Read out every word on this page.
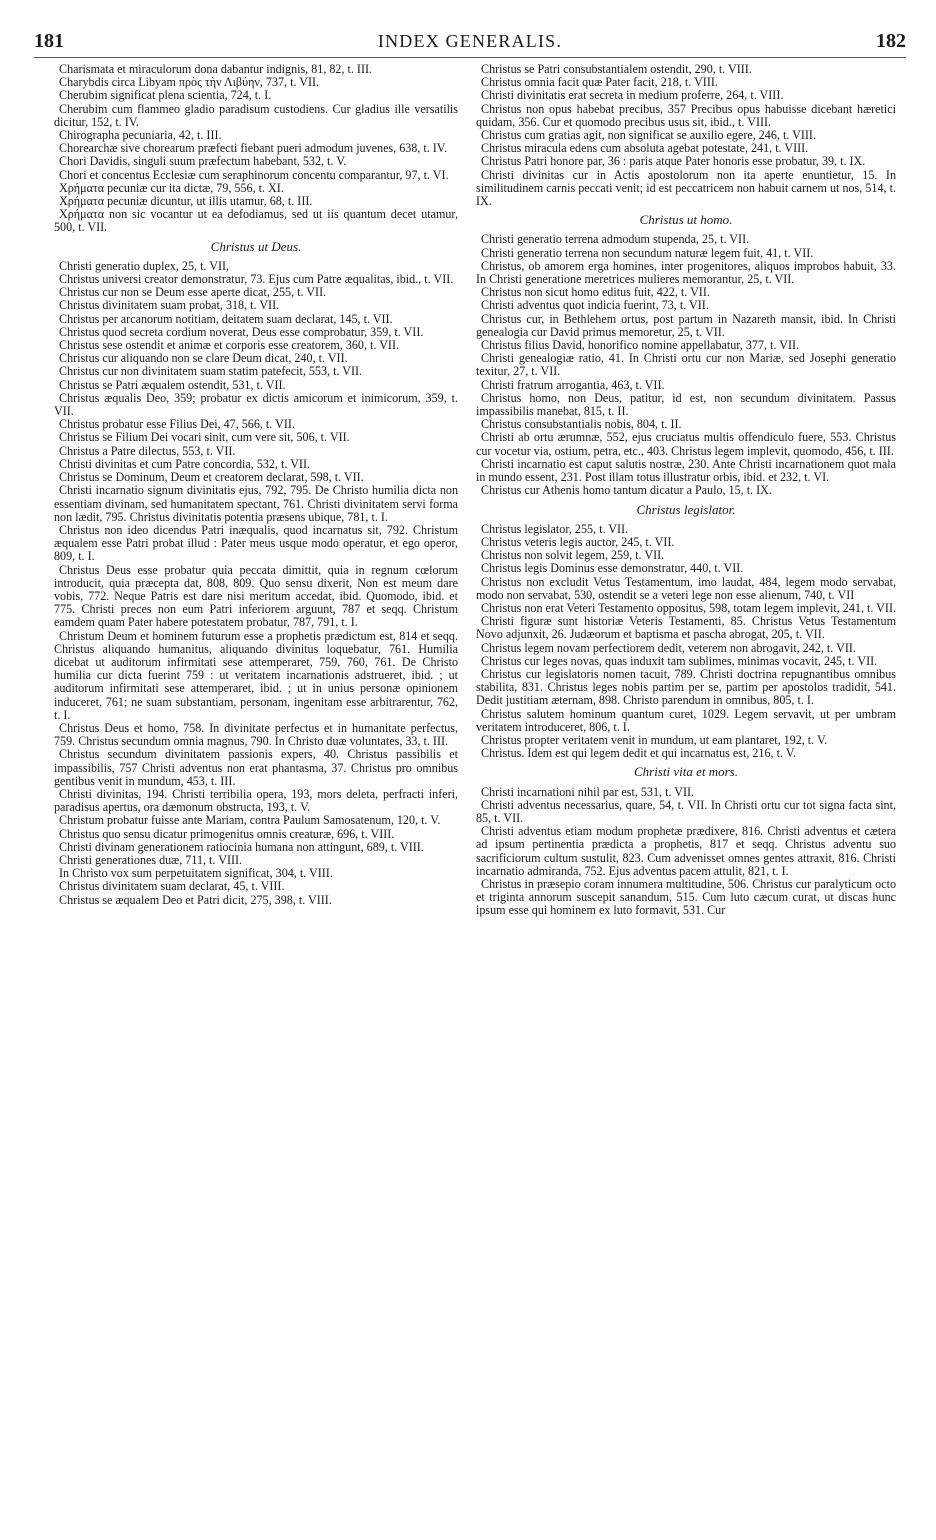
181	INDEX GENERALIS.	182
Charismata et miraculorum dona dabantur indignis, 81, 82, t. III.
Charybdis circa Libyam πρὸς τὴν Λιβύην, 737, t. VII.
Cherubim significat plena scientia, 724, t. I.
Cherubim cum flammeo gladio paradisum custodiens. Cur gladius ille versatilis dicitur, 152, t. IV.
Chirographa pecuniaria, 42, t. III.
Chorearchæ sive chorearum præfecti fiebant pueri admodum juvenes, 638, t. IV.
Chori Davidis, singuli suum præfectum habebant, 532, t. V.
Chori et concentus Ecclesiæ cum seraphinorum concentu comparantur, 97, t. VI.
Χρήματα pecuniæ cur ita dictæ, 79, 556, t. XI.
Χρήματα pecuniæ dicuntur, ut illis utamur, 68, t. III.
Χρήματα non sic vocantur ut ea defodiamus, sed ut iis quantum decet utamur, 500, t. VII.
Christus ut Deus.
Christi generatio duplex, 25, t. VII,
Christus universi creator demonstratur, 73. Ejus cum Patre æqualitas, ibid., t. VII.
Christus cur non se Deum esse aperte dicat, 255, t. VII.
Christus divinitatem suam probat, 318, t. VII.
Christus per arcanorum notitiam, deitatem suam declarat, 145, t. VII.
Christus quod secreta cordium noverat, Deus esse comprobatur, 359, t. VII.
Christus sese ostendit et animæ et corporis esse creatorem, 360, t. VII.
Christus cur aliquando non se clare Deum dicat, 240, t. VII.
Christus cur non divinitatem suam statim patefecit, 553, t. VII.
Christus se Patri æqualem ostendit, 531, t. VII.
Christus æqualis Deo, 359; probatur ex dictis amicorum et inimicorum, 359, t. VII.
Christus probatur esse Filius Dei, 47, 566, t. VII.
Christus se Filium Dei vocari sinit, cum vere sit, 506, t. VII.
Christus a Patre dilectus, 553, t. VII.
Christi divinitas et cum Patre concordia, 532, t. VII.
Christus se Dominum, Deum et creatorem declarat, 598, t. VII.
Christi incarnatio signum divinitatis ejus, 792, 795. De Christo humilia dicta non essentiam divinam, sed humanitatem spectant, 761. Christi divinitatem servi forma non lædit, 795. Christus divinitatis potentia præsens ubique, 781, t. I.
Christus non ideo dicendus Patri inæqualis, quod incarnatus sit, 792. Christum æqualem esse Patri probat illud : Pater meus usque modo operatur, et ego operor, 809, t. I.
Christus Deus esse probatur quia peccata dimittit, quia in regnum cœlorum introducit, quia præcepta dat, 808, 809. Quo sensu dixerit, Non est meum dare vobis, 772. Neque Patris est dare nisi meritum accedat, ibid. Quomodo, ibid. et 775. Christi preces non eum Patri inferiorem arguunt, 787 et seqq. Christum eamdem quam Pater habere potestatem probatur, 787, 791, t. I.
Christum Deum et hominem futurum esse a prophetis prædictum est, 814 et seqq. Christus aliquando humanitus, aliquando divinitus loquebatur, 761. Humilia dicebat ut auditorum infirmitati sese attemperaret, 759, 760, 761. De Christo humilia cur dicta fuerint 759 : ut veritatem incarnationis adstrueret, ibid. ; ut auditorum infirmitati sese attemperaret, ibid. ; ut in unius personæ opinionem induceret, 761; ne suam substantiam, personam, ingenitam esse arbitrarentur, 762, t. I.
Christus Deus et homo, 758. In divinitate perfectus et in humanitate perfectus, 759. Christus secundum omnia magnus, 790. In Christo duæ voluntates, 33, t. III.
Christus secundum divinitatem passionis expers, 40. Christus passibilis et impassibilis, 757 Christi adventus non erat phantasma, 37. Christus pro omnibus gentibus venit in mundum, 453, t. III.
Christi divinitas, 194. Christi terribilia opera, 193, mors deleta, perfracti inferi, paradisus apertus, ora dæmonum obstructa, 193, t. V.
Christum probatur fuisse ante Mariam, contra Paulum Samosatenum, 120, t. V.
Christus quo sensu dicatur primogenitus omnis creaturæ, 696, t. VIII.
Christi divinam generationem ratiocinia humana non attingunt, 689, t. VIII.
Christi generationes duæ, 711, t. VIII.
In Christo vox sum perpetuitatem significat, 304, t. VIII.
Christus divinitatem suam declarat, 45, t. VIII.
Christus se æqualem Deo et Patri dicit, 275, 398, t. VIII.
Christus se Patri consubstantialem ostendit, 290, t. VIII.
Christus omnia facit quæ Pater facit, 218, t. VIII.
Christi divinitatis erat secreta in medium proferre, 264, t. VIII.
Christus non opus habebat precibus, 357 Precibus opus habuisse dicebant hæretici quidam, 356. Cur et quomodo precibus usus sit, ibid., t. VIII.
Christus cum gratias agit, non significat se auxilio egere, 246, t. VIII.
Christus miracula edens cum absoluta agebat potestate, 241, t. VIII.
Christus Patri honore par, 36 : paris atque Pater honoris esse probatur, 39, t. IX.
Christi divinitas cur in Actis apostolorum non ita aperte enuntietur, 15. In similitudinem carnis peccati venit; id est peccatricem non habuit carnem ut nos, 514, t. IX.
Christus ut homo.
Christi generatio terrena admodum stupenda, 25, t. VII.
Christi generatio terrena non secundum naturæ legem fuit, 41, t. VII.
Christus, ob amorem erga homines, inter progenitores, aliquos improbos habuit, 33. In Christi generatione meretrices mulieres memorantur, 25, t. VII.
Christus non sicut homo editus fuit, 422, t. VII.
Christi adventus quot indicia fuerint, 73, t. VII.
Christus cur, in Bethlehem ortus, post partum in Nazareth mansit, ibid. In Christi genealogia cur David primus memoretur, 25, t. VII.
Christus filius David, honorifico nomine appellabatur, 377, t. VII.
Christi genealogiæ ratio, 41. In Christi ortu cur non Mariæ, sed Josephi generatio texitur, 27, t. VII.
Christi fratrum arrogantia, 463, t. VII.
Christus homo, non Deus, patitur, id est, non secundum divinitatem. Passus impassibilis manebat, 815, t. II.
Christus consubstantialis nobis, 804, t. II.
Christi ab ortu ærumnæ, 552, ejus cruciatus multis offendiculo fuere, 553. Christus cur vocetur via, ostium, petra, etc., 403. Christus legem implevit, quomodo, 456, t. III.
Christi incarnatio est caput salutis nostræ, 230. Ante Christi incarnationem quot mala in mundo essent, 231. Post illam totus illustratur orbis, ibid. et 232, t. VI.
Christus cur Athenis homo tantum dicatur a Paulo, 15, t. IX.
Christus legislator.
Christus legislator, 255, t. VII.
Christus veteris legis auctor, 245, t. VII.
Christus non solvit legem, 259, t. VII.
Christus legis Dominus esse demonstratur, 440, t. VII.
Christus non excludit Vetus Testamentum, imo laudat, 484, legem modo servabat, modo non servabat, 530, ostendit se a veteri lege non esse alienum, 740, t. VII
Christus non erat Veteri Testamento oppositus, 598, totam legem implevit, 241, t. VII.
Christi figuræ sunt historiæ Veteris Testamenti, 85. Christus Vetus Testamentum Novo adjunxit, 26. Judæorum et baptisma et pascha abrogat, 205, t. VII.
Christus legem novam perfectiorem dedit, veterem non abrogavit, 242, t. VII.
Christus cur leges novas, quas induxit tam sublimes, minimas vocavit, 245, t. VII.
Christus cur legislatoris nomen tacuit, 789. Christi doctrina repugnantibus omnibus stabilita, 831. Christus leges nobis partim per se, partim per apostolos tradidit, 541. Dedit justitiam æternam, 898. Christo parendum in omnibus, 805, t. I.
Christus salutem hominum quantum curet, 1029. Legem servavit, ut per umbram veritatem introduceret, 806, t. I.
Christus propter veritatem venit in mundum, ut eam plantaret, 192, t. V.
Christus. Idem est qui legem dedit et qui incarnatus est, 216, t. V.
Christi vita et mors.
Christi incarnationi nihil par est, 531, t. VII.
Christi adventus necessarius, quare, 54, t. VII. In Christi ortu cur tot signa facta sint, 85, t. VII.
Christi adventus etiam modum prophetæ prædixere, 816. Christi adventus et cætera ad ipsum pertinentia prædicta a prophetis, 817 et seqq. Christus adventu suo sacrificiorum cultum sustulit, 823. Cum advenisset omnes gentes attraxit, 816. Christi incarnatio admiranda, 752. Ejus adventus pacem attulit, 821, t. I.
Christus in præsepio coram innumera multitudine, 506. Christus cur paralyticum octo et triginta annorum suscepit sanandum, 515. Cum luto cæcum curat, ut discas hunc ipsum esse qui hominem ex luto formavit, 531. Cur
